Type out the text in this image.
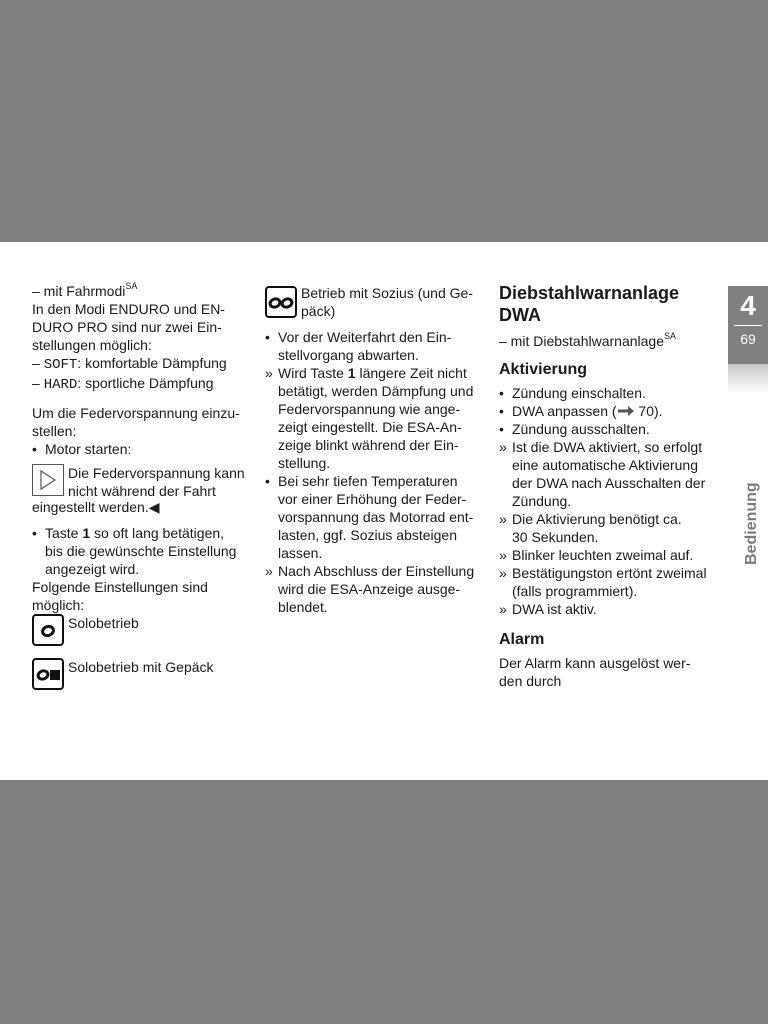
– mit Fahrmodi$^{SA}$
In den Modi ENDURO und EN-
DURO PRO sind nur zwei Ein-
stellungen möglich:
– SOFT: komfortable Dämpfung
– HARD: sportliche Dämpfung
Um die Federvorspannung einzu-
stellen:
• Motor starten:
Die Federvorspannung kann
nicht während der Fahrt
eingestellt werden.◀
• Taste 1 so oft lang betätigen,
bis die gewünschte Einstellung
angezeigt wird.
Folgende Einstellungen sind
möglich:
Solobetrieb
Solobetrieb mit Gepäck
Betrieb mit Sozius (und Ge-
päck)
• Vor der Weiterfahrt den Ein-
stellvorgang abwarten.
» Wird Taste 1 längere Zeit nicht
betätigt, werden Dämpfung und
Federvorspannung wie ange-
zeigt eingestellt. Die ESA-An-
zeige blinkt während der Ein-
stellung.
• Bei sehr tiefen Temperaturen
vor einer Erhöhung der Feder-
vorspannung das Motorrad ent-
lasten, ggf. Sozius absteigen
lassen.
» Nach Abschluss der Einstellung
wird die ESA-Anzeige ausge-
blendet.
Diebstahlwarnanlage
DWA
– mit Diebstahlwarnanlage$^{SA}$
Aktivierung
• Zündung einschalten.
• DWA anpassen ( 70).
• Zündung ausschalten.
» Ist die DWA aktiviert, so erfolgt
eine automatische Aktivierung
der DWA nach Ausschalten der
Zündung.
» Die Aktivierung benötigt ca.
30 Sekunden.
» Blinker leuchten zweimal auf.
» Bestätigungston ertönt zweimal
(falls programmiert).
» DWA ist aktiv.
Alarm
Der Alarm kann ausgelöst wer-
den durch
4
69
Bedienung
